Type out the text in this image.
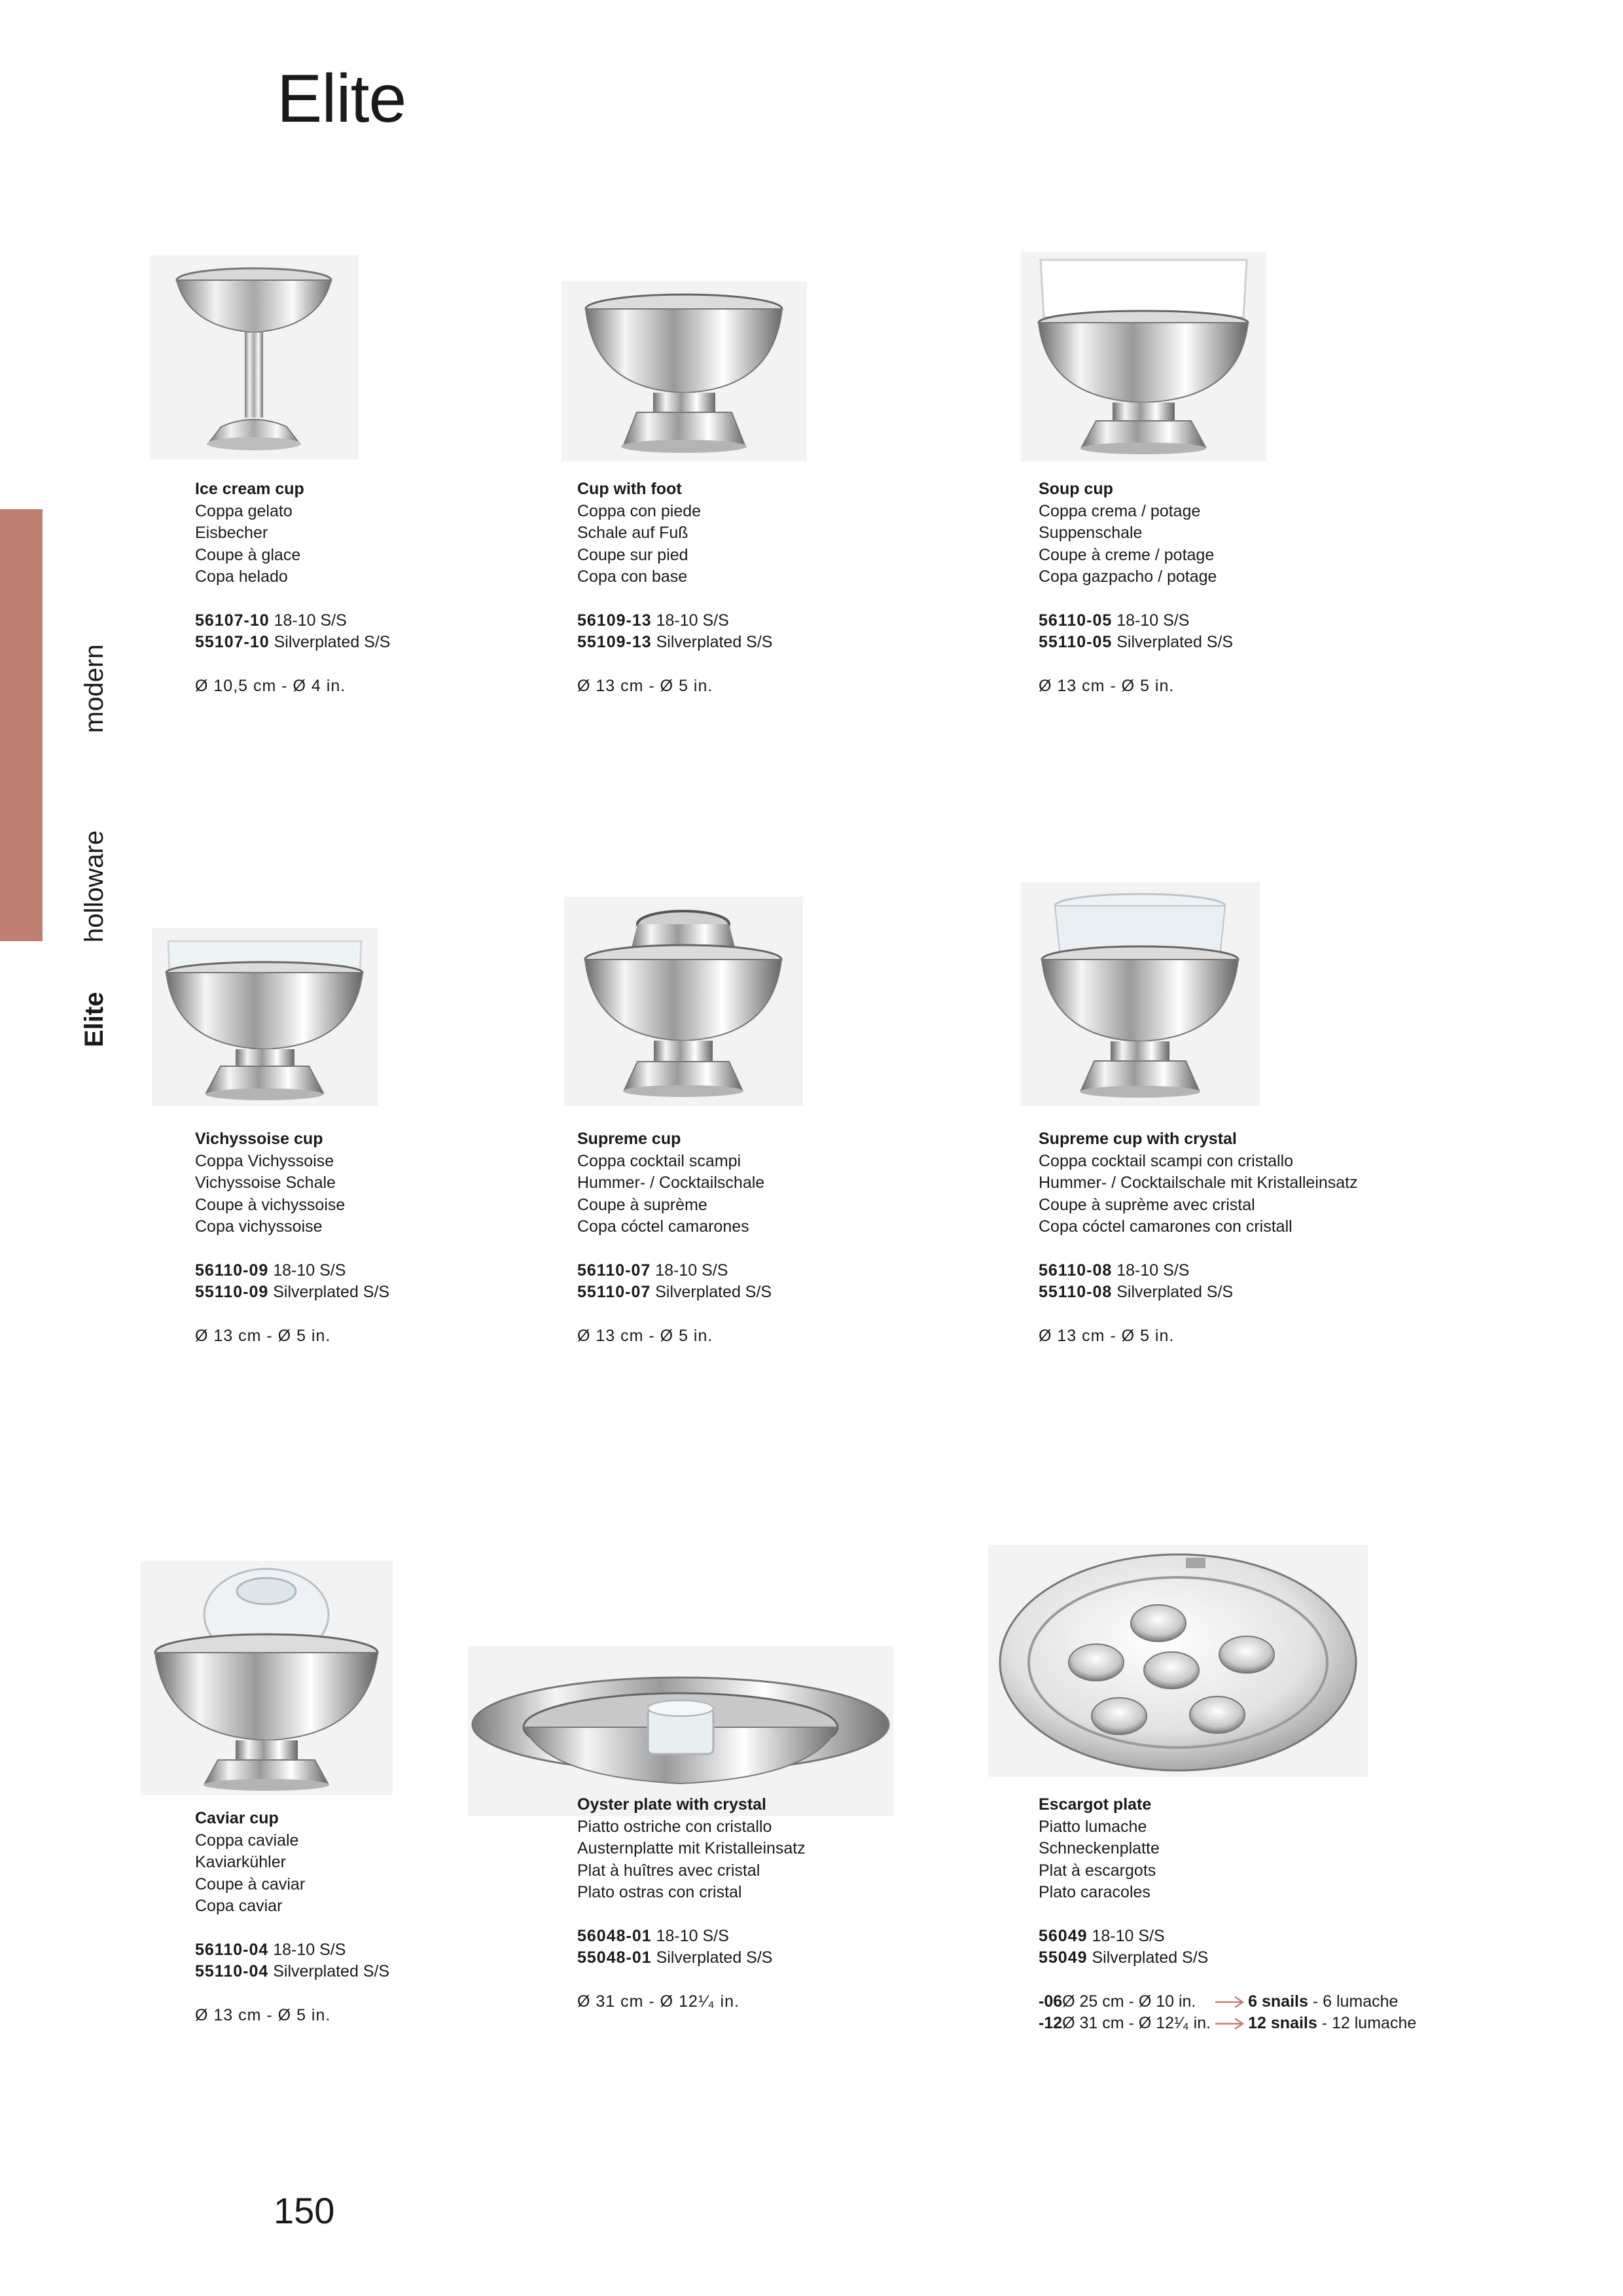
Elite
modern
holloware
Elite
Ice cream cup
Coppa gelato
Eisbecher
Coupe à glace
Copa helado
56107-10 18-10 S/S
55107-10 Silverplated S/S
Ø 10,5 cm - Ø 4 in.
Cup with foot
Coppa con piede
Schale auf Fuß
Coupe sur pied
Copa con base
56109-13 18-10 S/S
55109-13 Silverplated S/S
Ø 13 cm - Ø 5 in.
Soup cup
Coppa crema / potage
Suppenschale
Coupe à creme / potage
Copa gazpacho / potage
56110-05 18-10 S/S
55110-05 Silverplated S/S
Ø 13 cm - Ø 5 in.
Vichyssoise cup
Coppa Vichyssoise
Vichyssoise Schale
Coupe à vichyssoise
Copa vichyssoise
56110-09 18-10 S/S
55110-09 Silverplated S/S
Ø 13 cm - Ø 5 in.
Supreme cup
Coppa cocktail scampi
Hummer- / Cocktailschale
Coupe à suprème
Copa cóctel camarones
56110-07 18-10 S/S
55110-07 Silverplated S/S
Ø 13 cm - Ø 5 in.
Supreme cup with crystal
Coppa cocktail scampi con cristallo
Hummer- / Cocktailschale mit Kristalleinsatz
Coupe à suprème avec cristal
Copa cóctel camarones con cristall
56110-08 18-10 S/S
55110-08 Silverplated S/S
Ø 13 cm - Ø 5 in.
Caviar cup
Coppa caviale
Kaviarkühler
Coupe à caviar
Copa caviar
56110-04 18-10 S/S
55110-04 Silverplated S/S
Ø 13 cm - Ø 5 in.
Oyster plate with crystal
Piatto ostriche con cristallo
Austernplatte mit Kristalleinsatz
Plat à huîtres avec cristal
Plato ostras con cristal
56048-01 18-10 S/S
55048-01 Silverplated S/S
Ø 31 cm - Ø 12¹⁄₄ in.
Escargot plate
Piatto lumache
Schneckenplatte
Plat à escargots
Plato caracoles
56049 18-10 S/S
55049 Silverplated S/S
-06Ø 25 cm - Ø 10 in.	6 snails - 6 lumache
-12Ø 31 cm - Ø 12¹⁄₄ in. 12 snails - 12 lumache
150
